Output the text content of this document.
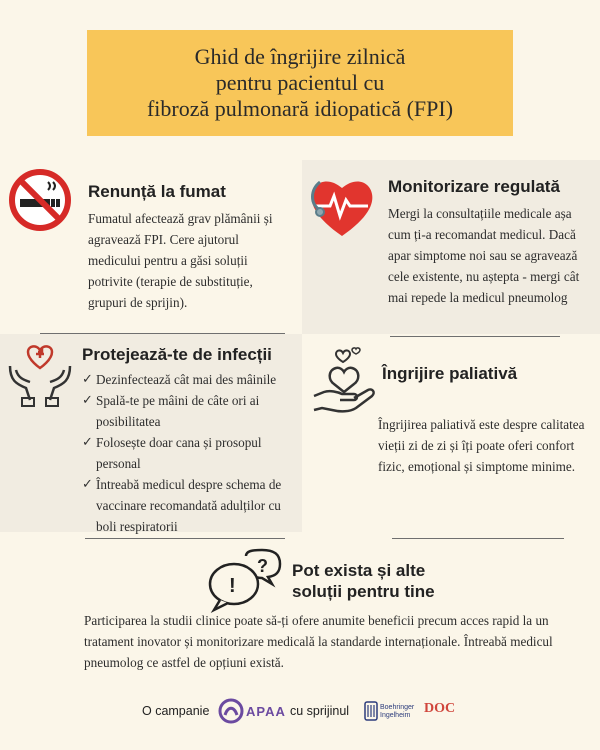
Ghid de îngrijire zilnică
pentru pacientul cu
fibroză pulmonară idiopatică (FPI)
Renunță la fumat
Fumatul afectează grav plămânii și agravează FPI. Cere ajutorul medicului pentru a găsi soluții potrivite (terapie de substituție, grupuri de sprijin).
Monitorizare regulată
Mergi la consultațiile medicale așa cum ți-a recomandat medicul. Dacă apar simptome noi sau se agravează cele existente, nu aștepta - mergi cât mai repede la medicul pneumolog
Protejează-te de infecții
✓ Dezinfectează cât mai des mâinile
✓ Spală-te pe mâini de câte ori ai posibilitatea
✓ Folosește doar cana și prosopul personal
✓ Întreabă medicul despre schema de vaccinare recomandată adulților cu boli respiratorii
Îngrijire paliativă
Îngrijirea paliativă este despre calitatea vieții zi de zi și îți poate oferi confort fizic, emoțional și simptome minime.
?
!
Pot exista și alte
soluții pentru tine
Participarea la studii clinice poate să-ți ofere anumite beneficii precum acces rapid la un tratament inovator și monitorizare medicală la standarde internaționale. Întreabă medicul pneumolog ce astfel de opțiuni există.
O campanie	APAA cu sprijinul	Boehringer
Ingelheim DOC
